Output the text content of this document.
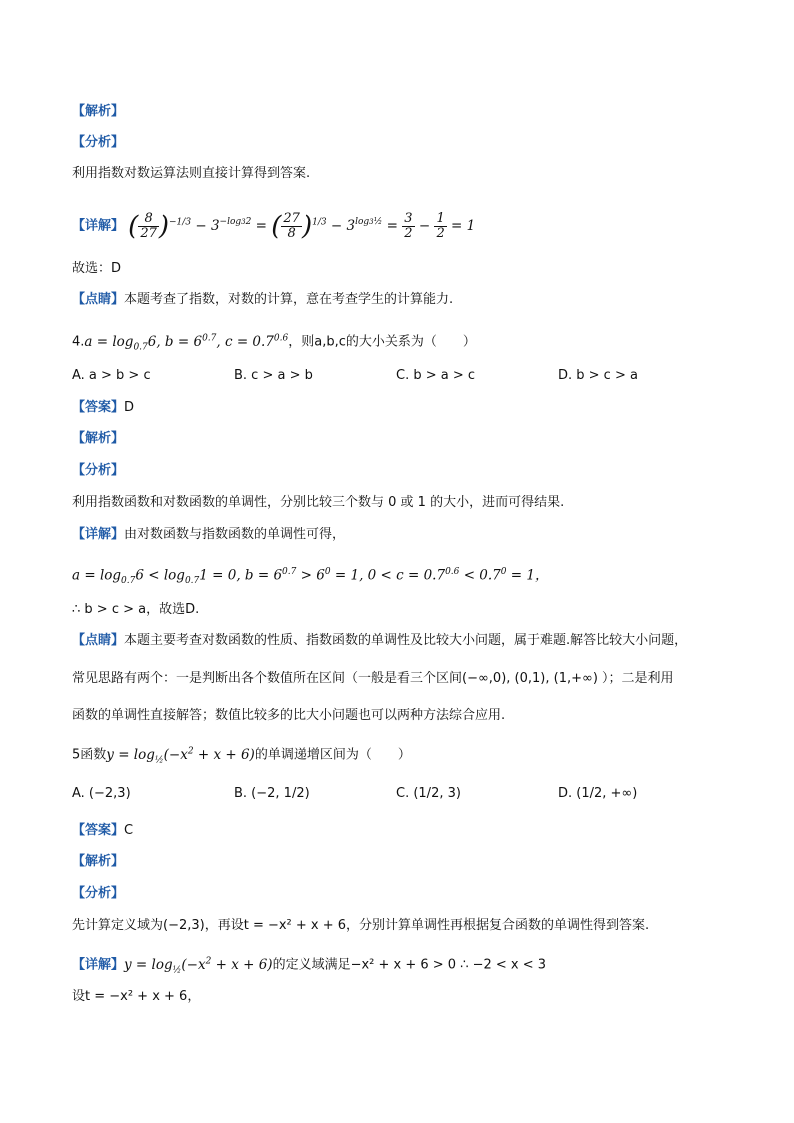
【解析】
【分析】
利用指数对数运算法则直接计算得到答案.
【详解】 ( $\frac{8}{27} )^{-1/3} - 3^{-log32}$ = ( $\frac{27}{8} )^{1/3} - 3^{log3\frac{1}{2}} = \frac{3}{2} - \frac{1}{2} = 1$
故选：D
【点睛】本题考查了指数，对数的计算，意在考查学生的计算能力.
$4.a = \log_{0.7}6$, $b = 6^{0.7}$, $c = 0.7^{0.6}$，则a,b,c的大小关系为（　　）
A. a > b > c	B. c > a > b	C. b > a > c	D. b > c > a
【答案】D
【解析】
【分析】
利用指数函数和对数函数的单调性，分别比较三个数与 0 或 1 的大小，进而可得结果.
【详解】由对数函数与指数函数的单调性可得，
$a = \log_{0.7}6 < \log_{0.7}1 = 0$, $b = 6^{0.7} > 6^0 = 1$, $0 < c = 0.7^{0.6} < 0.7^0 = 1$，
∴ b > c > a，故选D.
【点睛】本题主要考查对数函数的性质、指数函数的单调性及比较大小问题，属于难题.解答比较大小问题，
常见思路有两个：一是判断出各个数值所在区间（一般是看三个区间(−∞,0), (0,1), (1,+∞) ）；二是利用
函数的单调性直接解答；数值比较多的比大小问题也可以两种方法综合应用.
5函数$y = \log_{\frac{1}{2}}(-x^2 + x + 6)$的单调递增区间为（　　）
A. (−2,3)	B. (−2, 1/2)	C. (1/2, 3)	D. (1/2, +∞)
【答案】C
【解析】
【分析】
先计算定义域为(−2,3)，再设t = −x² + x + 6，分别计算单调性再根据复合函数的单调性得到答案.
【详解】$y = \log_{\frac{1}{2}}(-x^2 + x + 6)$的定义域满足−x² + x + 6 > 0 ∴ −2 < x < 3
设t = −x² + x + 6，
